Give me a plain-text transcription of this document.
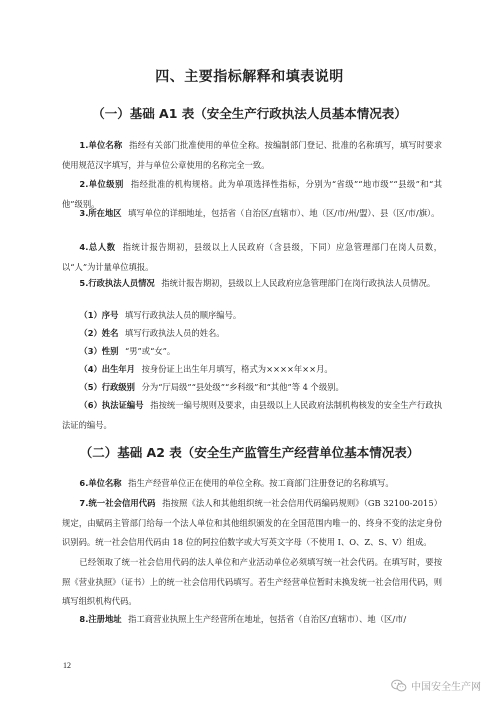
四、主要指标解释和填表说明
（一）基础 A1 表（安全生产行政执法人员基本情况表）

1.单位名称 指经有关部门批准使用的单位全称。按编制部门登记、批准的名称填写，填写时要求使用规范汉字填写，并与单位公章使用的名称完全一致。

2.单位级别 指经批准的机构规格。此为单项选择性指标，分别为“省级”“地市级”“县级”和“其他”级别。

3.所在地区 填写单位的详细地址，包括省（自治区/直辖市）、地（区/市/州/盟）、县（区/市/旗）。

4.总人数 指统计报告期初，县级以上人民政府（含县级，下同）应急管理部门在岗人员数，以“人”为计量单位填报。

5.行政执法人员情况 指统计报告期初，县级以上人民政府应急管理部门在岗行政执法人员情况。

（1）序号 填写行政执法人员的顺序编号。

（2）姓名 填写行政执法人员的姓名。

（3）性别 “男”或“女”。

（4）出生年月 按身份证上出生年月填写，格式为××××年××月。

（5）行政级别 分为“厅局级”“县处级”“乡科级”和“其他”等 4 个级别。

（6）执法证编号 指按统一编号规则及要求，由县级以上人民政府法制机构核发的安全生产行政执法证的编号。

（二）基础 A2 表（安全生产监管生产经营单位基本情况表）

6.单位名称 指生产经营单位正在使用的单位全称。按工商部门注册登记的名称填写。

7.统一社会信用代码 指按照《法人和其他组织统一社会信用代码编码规则》（GB 32100-2015）规定，由赋码主管部门给每一个法人单位和其他组织颁发的在全国范围内唯一的、终身不变的法定身份识别码。统一社会信用代码由 18 位的阿拉伯数字或大写英文字母（不使用 I、O、Z、S、V）组成。

已经领取了统一社会信用代码的法人单位和产业活动单位必须填写统一社会代码。在填写时，要按照《营业执照》（证书）上的统一社会信用代码填写。若生产经营单位暂时未换发统一社会信用代码，则填写组织机构代码。

8.注册地址 指工商营业执照上生产经营所在地址，包括省（自治区/直辖市）、地（区/市/

12
中国安全生产网
